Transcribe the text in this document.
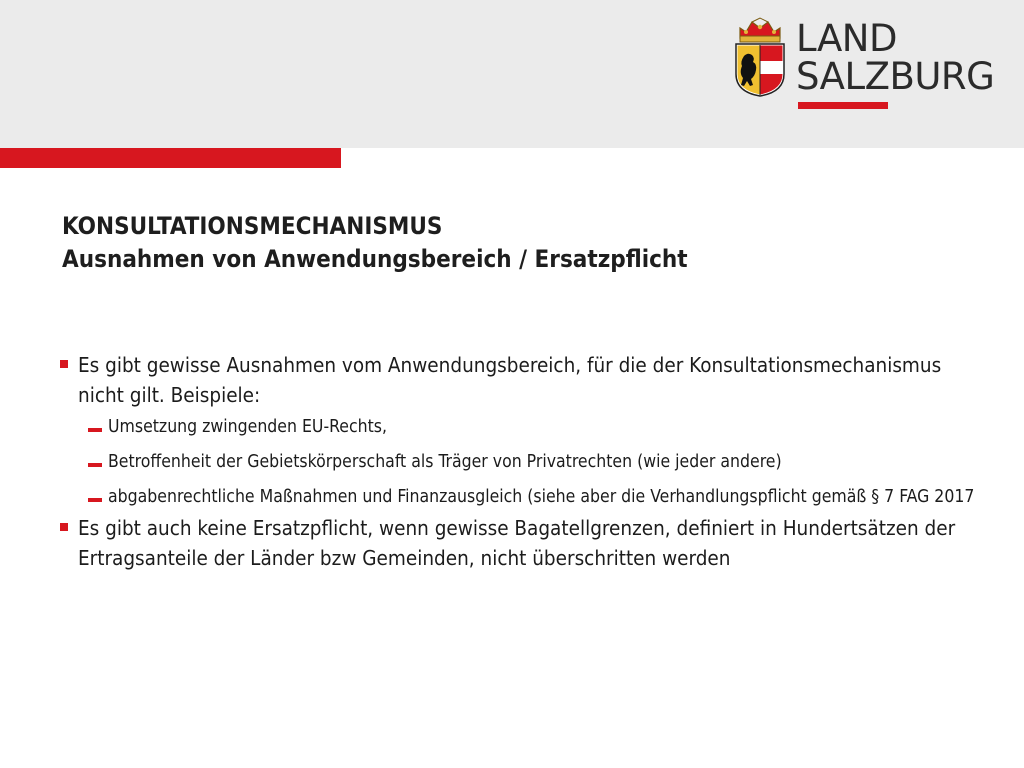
LAND
SALZBURG
KONSULTATIONSMECHANISMUS
Ausnahmen von Anwendungsbereich / Ersatzpflicht
Es gibt gewisse Ausnahmen vom Anwendungsbereich, für die der Konsultationsmechanismus nicht gilt. Beispiele:
Umsetzung zwingenden EU-Rechts,
Betroffenheit der Gebietskörperschaft als Träger von Privatrechten (wie jeder andere)
abgabenrechtliche Maßnahmen und Finanzausgleich (siehe aber die Verhandlungspflicht gemäß § 7 FAG 2017
Es gibt auch keine Ersatzpflicht, wenn gewisse Bagatellgrenzen, definiert in Hundertsätzen der Ertragsanteile der Länder bzw Gemeinden, nicht überschritten werden
